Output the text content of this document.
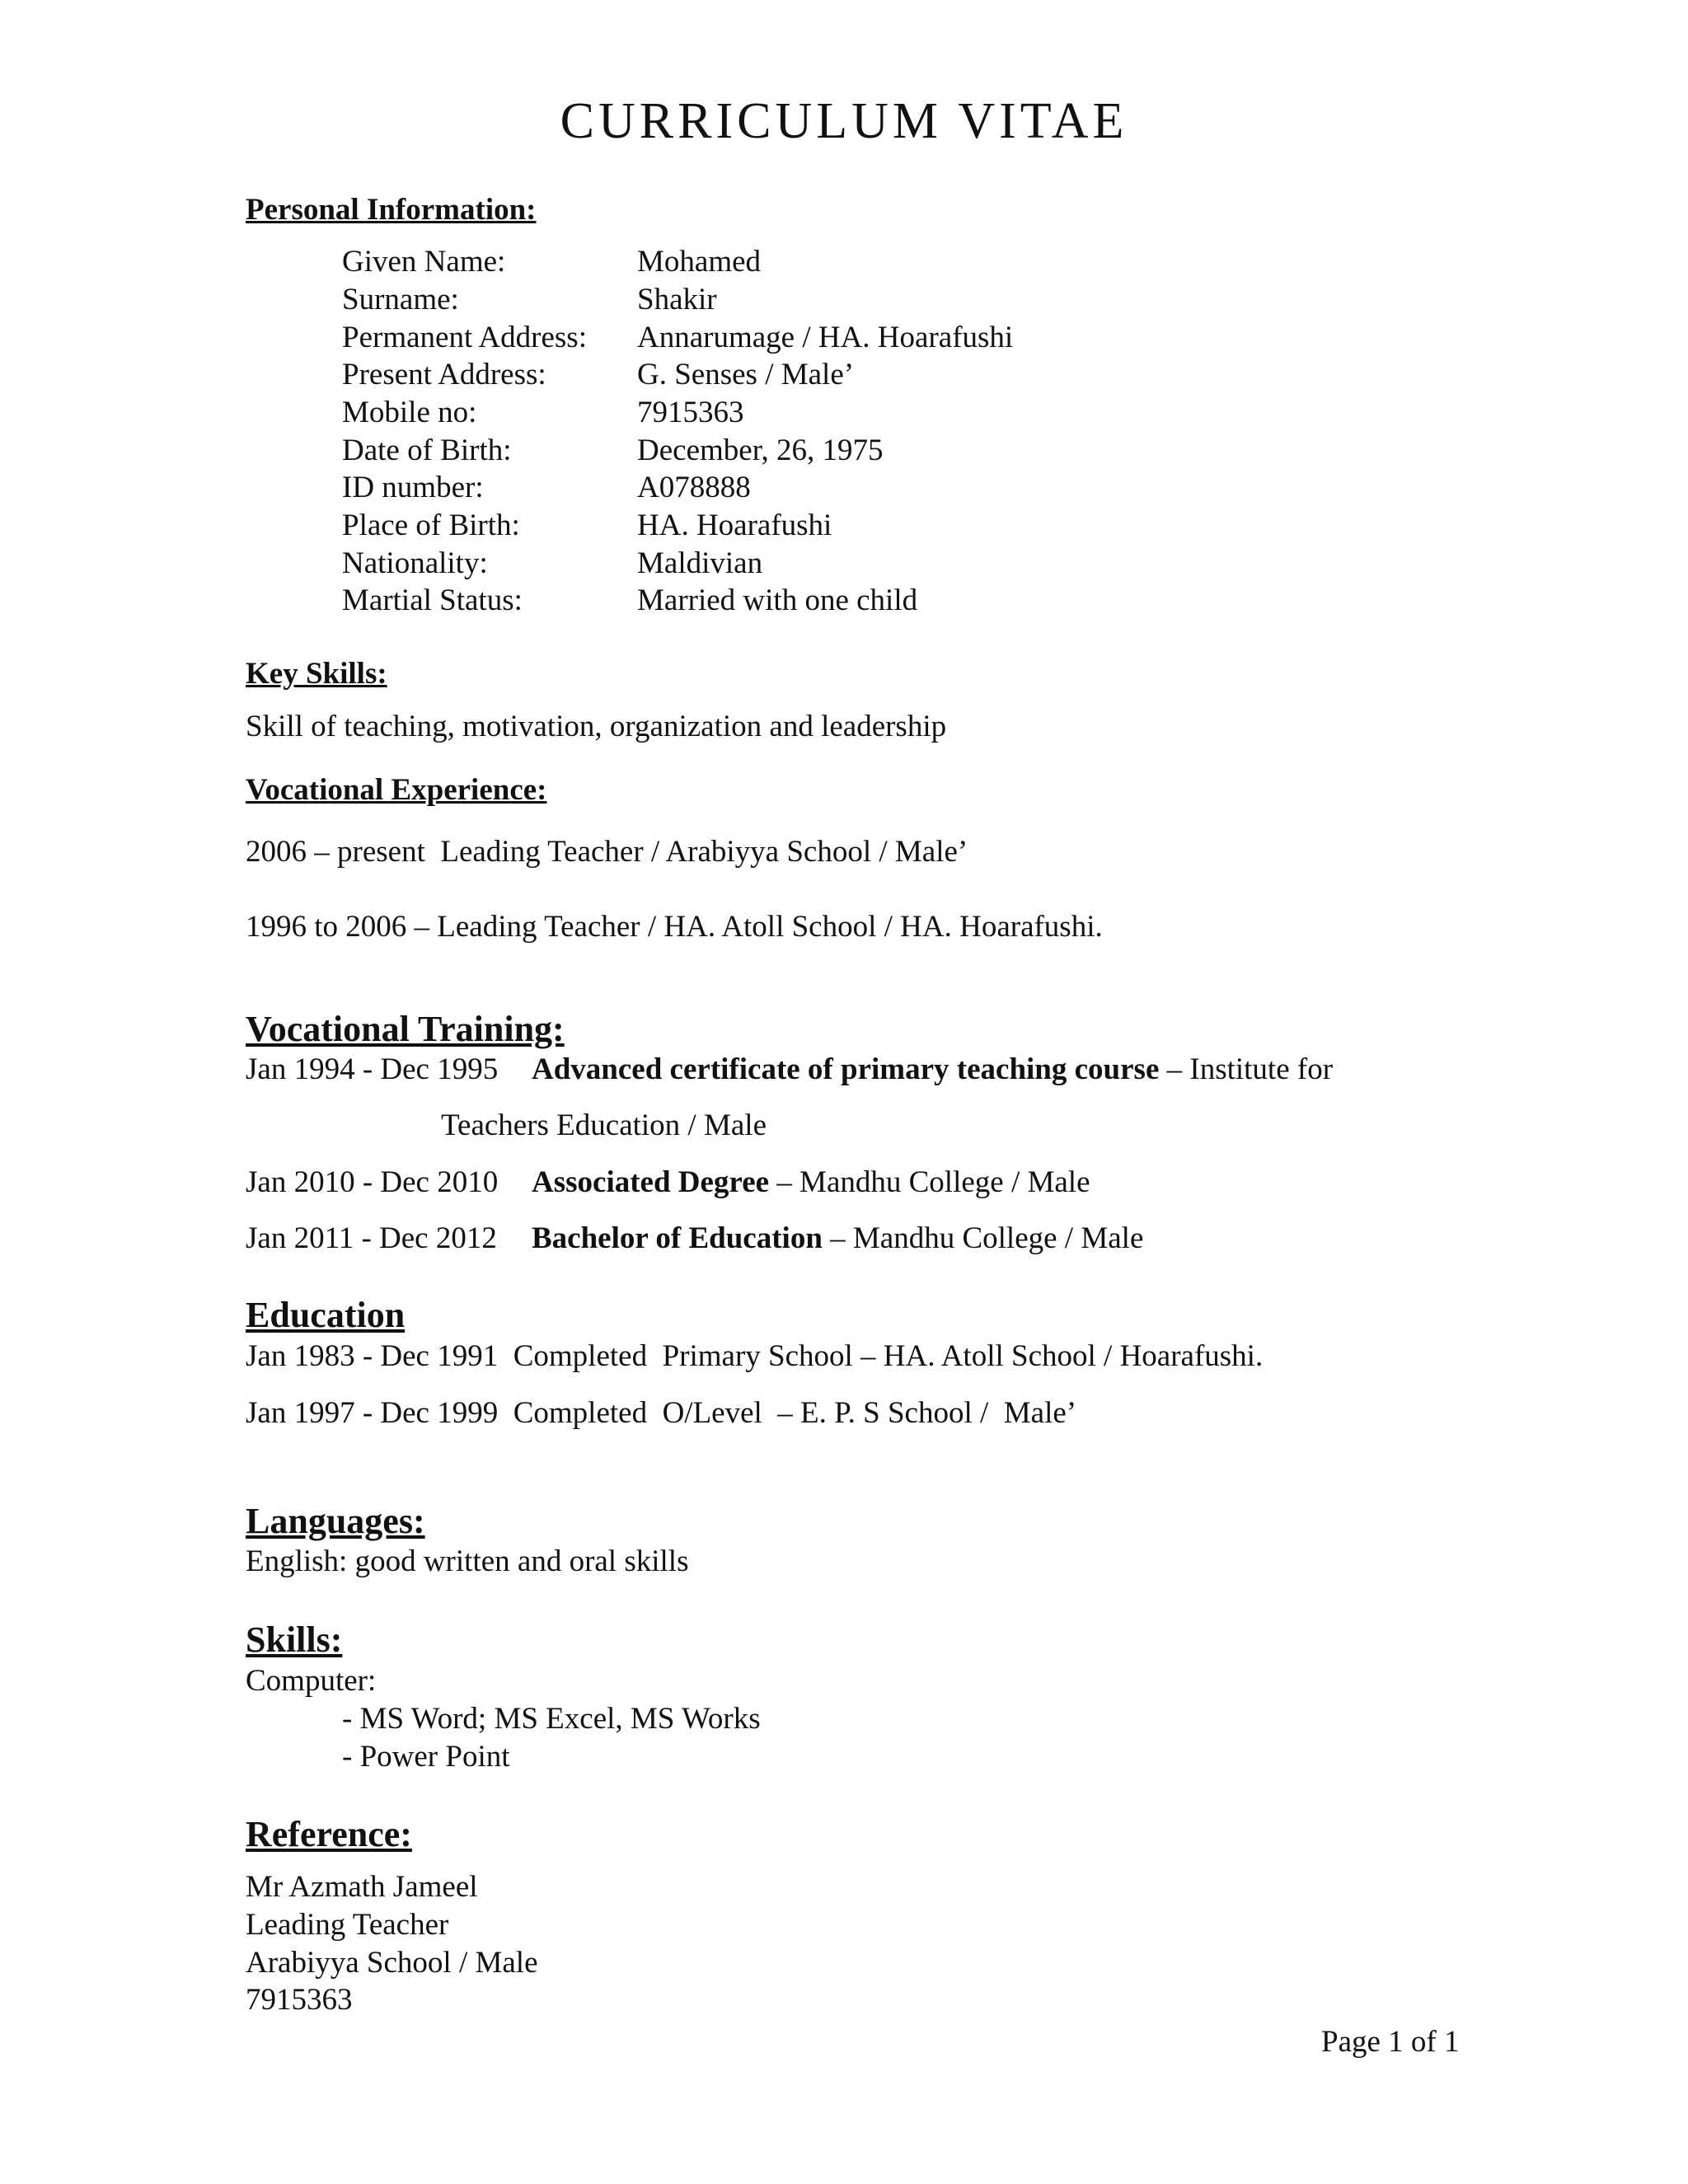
CURRICULUM VITAE
Personal Information:
Given Name:	Mohamed
Surname:	Shakir
Permanent Address: Annarumage / HA. Hoarafushi
Present Address:	G. Senses / Male’
Mobile no:	7915363
Date of Birth:	December, 26, 1975
ID number:	A078888
Place of Birth:	HA. Hoarafushi
Nationality:	Maldivian
Martial Status:	Married with one child
Key Skills:
Skill of teaching, motivation, organization and leadership
Vocational Experience:
2006 – present  Leading Teacher / Arabiyya School / Male’
1996 to 2006 – Leading Teacher / HA. Atoll School / HA. Hoarafushi.
Vocational Training:
Jan 1994 - Dec 1995 Advanced certificate of primary teaching course – Institute for
Teachers Education / Male
Jan 2010 - Dec 2010 Associated Degree – Mandhu College / Male
Jan 2011 - Dec 2012 Bachelor of Education – Mandhu College / Male
Education
Jan 1983 - Dec 1991  Completed  Primary School – HA. Atoll School / Hoarafushi.
Jan 1997 - Dec 1999  Completed  O/Level  – E. P. S School /  Male’
Languages:
English: good written and oral skills
Skills:
Computer:
- MS Word; MS Excel, MS Works
- Power Point
Reference:
Mr Azmath Jameel
Leading Teacher
Arabiyya School / Male
7915363
Page 1 of 1
